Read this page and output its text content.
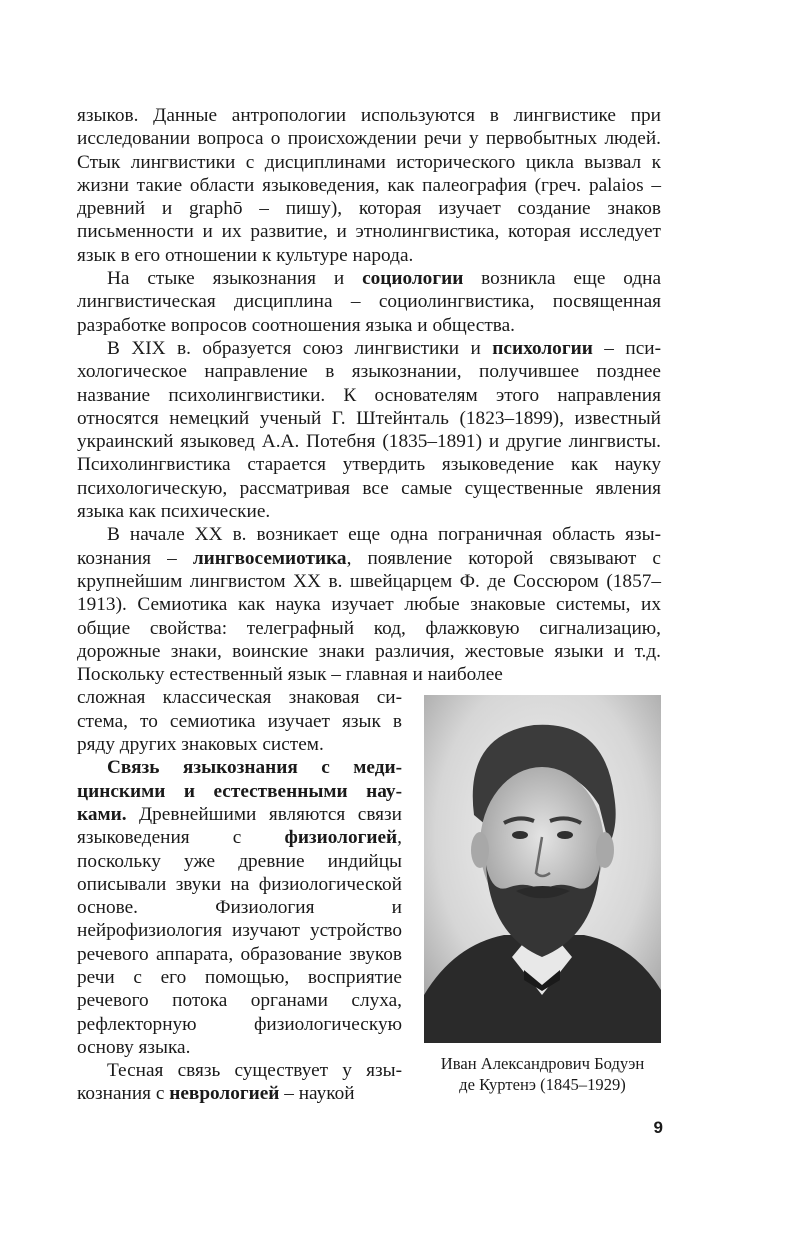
языков. Данные антропологии используются в лингвистике при исследовании вопроса о происхождении речи у первобытных людей. Стык лингвистики с дисциплинами исторического цикла вызвал к жизни такие области языковедения, как палеография (греч. palaios – древний и graphō – пишу), которая изучает создание знаков письменности и их развитие, и этнолингвистика, которая исследует язык в его отношении к культуре народа.

На стыке языкознания и социологии возникла еще одна лингвистическая дисциплина – социолингвистика, посвященная разработке вопросов соотношения языка и общества.

В XIX в. образуется союз лингвистики и психологии – психологическое направление в языкознании, получившее позднее название психолингвистики. К основателям этого направления относятся немецкий ученый Г. Штейнталь (1823–1899), известный украинский языковед А.А. Потебня (1835–1891) и другие лингвисты. Психолингвистика старается утвердить языковедение как науку психологическую, рассматривая все самые существенные явления языка как психические.

В начале XX в. возникает еще одна пограничная область языкознания – лингвосемиотика, появление которой связывают с крупнейшим лингвистом XX в. швейцарцем Ф. де Соссюром (1857–1913). Семиотика как наука изучает любые знаковые системы, их общие свойства: телеграфный код, флажковую сигнализацию, дорожные знаки, воинские знаки различия, жестовые языки и т.д. Поскольку естественный язык – главная и наиболее

сложная классическая знаковая система, то семиотика изучает язык в ряду других знаковых систем.

Связь языкознания с медицинскими и естественными науками. Древнейшими являются связи языковедения с физиологией, поскольку уже древние индийцы описывали звуки на физиологической основе. Физиология и нейрофизиология изучают устройство речевого аппарата, образование звуков речи с его помощью, восприятие речевого потока органами слуха, рефлекторную физиологическую основу языка.

Тесная связь существует у языкознания с неврологией – наукой

Иван Александрович Бодуэн
де Куртенэ (1845–1929)
9
